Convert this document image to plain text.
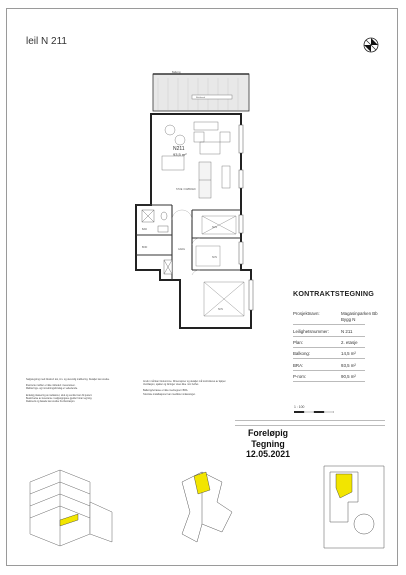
leil N 211
N211
93,5 m²
STUE / KJØKKEN
Balkong
Rekkverk
BAD
SOV
SOV
BOD
SOV
GANG
KONTRAKTSTEGNING
Prosjektnavn:	Magasinparken Bb
Bygg N
Leilighetsnummer:	N 211
Plan:	2. etasje
Balkong:	14,5 m²
BRA:	93,5 m²
P-rom:	90,5 m²
Salgstegning med illustrert lek, inn- og utvendig møblering. Detaljer kan avvike.
Illustrerte møbler er ikke inkludert i leveransen.
Møblerings- og innredningsforslag er veiledende.
Endelig plassering av radiatorer, sluk og ventiler kan bli justert.
Beskrivelse av leveranse i salgsoppgave gjelder foran tegning.
Rekkverk og fasade kan avvike fra illustrasjon.
Avvik i mål kan forekomme. Dimensjoner og detaljer må kontrolleres av kjøper.
Ventilasjon, sjakter og føringer vises ikke i sin helhet.
Balkong/terrasse er ikke medregnet i BRA.
Tekniske installasjoner kan medføre innkassinger.
1 : 100
Foreløpig
Tegning
12.05.2021
